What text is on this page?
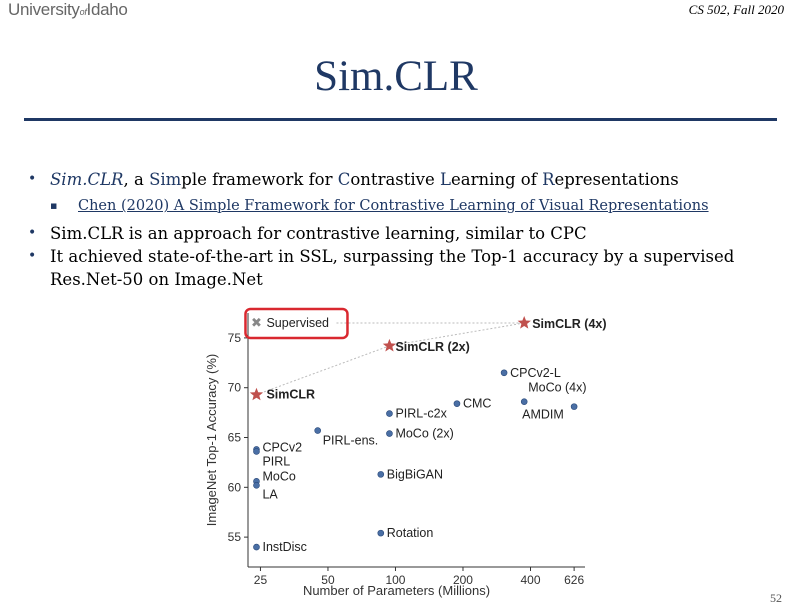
UniversityofIdaho	CS 502, Fall 2020
Sim.CLR
• Sim.CLR, a Simple framework for Contrastive Learning of Representations
▪ Chen (2020) A Simple Framework for Contrastive Learning of Visual Representations
• Sim.CLR is an approach for contrastive learning, similar to CPC
• It achieved state-of-the-art in SSL, surpassing the Top-1 accuracy by a supervised Res.Net-50 on Image.Net
55
60
65
70
75
25	50	100	200	400 626
Number of Parameters (Millions)
ImageNet Top-1 Accuracy (%)	SimCLR
SimCLR (2x)
SimCLR (4x)
✖ Supervised
CPCv2-L
MoCo (4x)
AMDIM
CMC
PIRL-c2x
PIRL-ens.
MoCo (2x)
CPCv2
PIRL
MoCo
LA
BigBiGAN
Rotation
InstDisc
52
